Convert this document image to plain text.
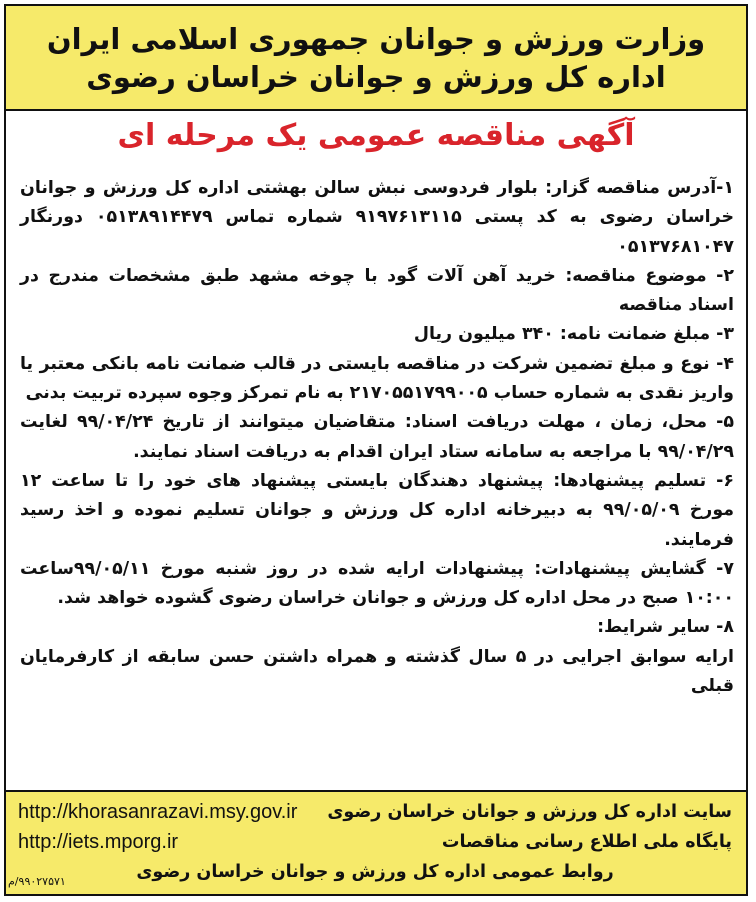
وزارت ورزش و جوانان جمهوری اسلامی ایران
اداره کل ورزش و جوانان خراسان رضوی
آگهی مناقصه عمومی یک مرحله ای

۱-آدرس مناقصه گزار: بلوار فردوسی نبش سالن بهشتی اداره کل ورزش و جوانان خراسان رضوی به کد پستی ۹۱۹۷۶۱۳۱۱۵ شماره تماس ۰۵۱۳۸۹۱۴۴۷۹ دورنگار ۰۵۱۳۷۶۸۱۰۴۷

۲- موضوع مناقصه: خرید آهن آلات گود با چوخه مشهد طبق مشخصات مندرج در اسناد مناقصه

۳- مبلغ ضمانت نامه: ۳۴۰ میلیون ریال

۴- نوع و مبلغ تضمین شرکت در مناقصه بایستی در قالب ضمانت نامه بانکی معتبر یا واریز نقدی به شماره حساب ۲۱۷۰۵۵۱۷۹۹۰۰۵ به نام تمرکز وجوه سپرده تربیت بدنی

۵- محل، زمان ، مهلت دریافت اسناد: متقاضیان میتوانند از تاریخ ۹۹/۰۴/۲۴ لغایت ۹۹/۰۴/۲۹ با مراجعه به سامانه ستاد ایران اقدام به دریافت اسناد نمایند.

۶- تسلیم پیشنهادها: پیشنهاد دهندگان بایستی پیشنهاد های خود را تا ساعت ۱۲ مورخ ۹۹/۰۵/۰۹ به دبیرخانه اداره کل ورزش و جوانان تسلیم نموده و اخذ رسید فرمایند.

۷- گشایش پیشنهادات: پیشنهادات ارایه شده در روز شنبه مورخ ۹۹/۰۵/۱۱ساعت ۱۰:۰۰ صبح در محل اداره کل ورزش و جوانان خراسان رضوی گشوده خواهد شد.

۸- سایر شرایط:

ارایه سوابق اجرایی در ۵ سال گذشته و همراه داشتن حسن سابقه از کارفرمایان قبلی

http://khorasanrazavi.msy.gov.ir سایت اداره کل ورزش و جوانان خراسان رضوی
http://iets.mporg.ir	پایگاه ملی اطلاع رسانی مناقصات
روابط عمومی اداره کل ورزش و جوانان خراسان رضوی
۹۹۰۲۷۵۷۱/م
